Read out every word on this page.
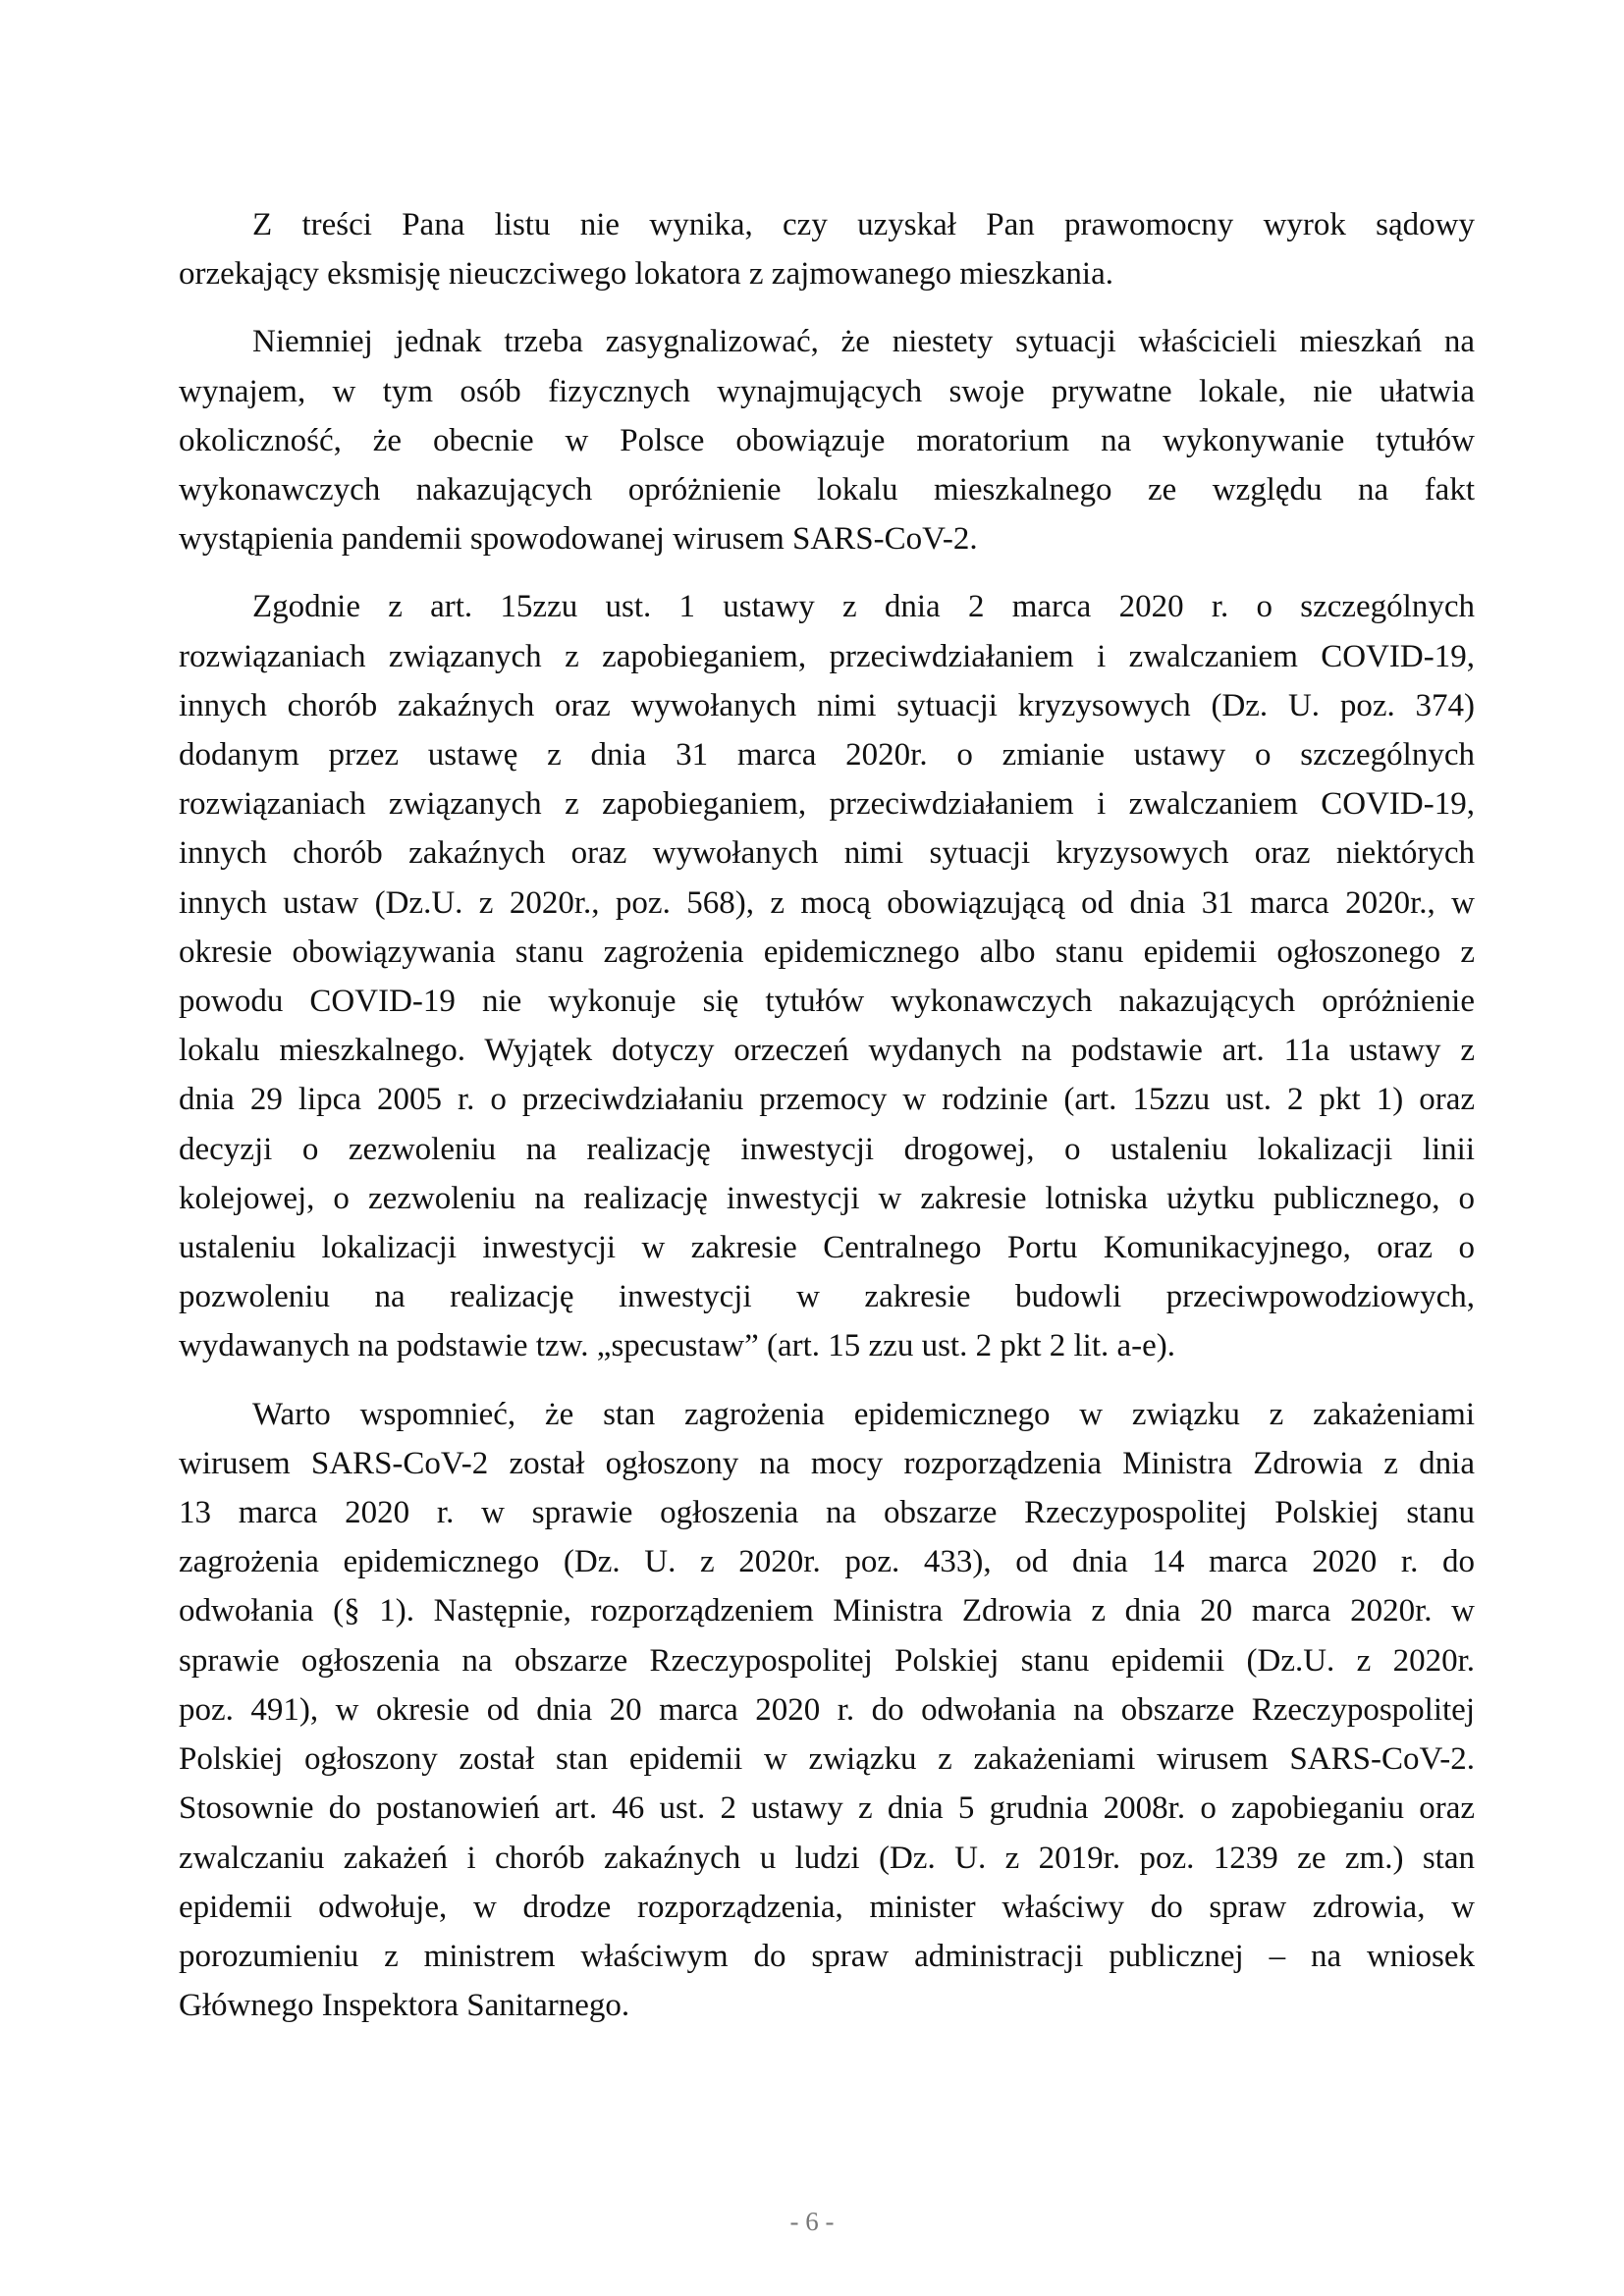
Z treści Pana listu nie wynika, czy uzyskał Pan prawomocny wyrok sądowy
orzekający eksmisję nieuczciwego lokatora z zajmowanego mieszkania.

Niemniej jednak trzeba zasygnalizować, że niestety sytuacji właścicieli mieszkań na
wynajem, w tym osób fizycznych wynajmujących swoje prywatne lokale, nie ułatwia
okoliczność, że obecnie w Polsce obowiązuje moratorium na wykonywanie tytułów
wykonawczych nakazujących opróżnienie lokalu mieszkalnego ze względu na fakt
wystąpienia pandemii spowodowanej wirusem SARS-CoV-2.

Zgodnie z art. 15zzu ust. 1 ustawy z dnia 2 marca 2020 r. o szczególnych
rozwiązaniach związanych z zapobieganiem, przeciwdziałaniem i zwalczaniem COVID-19,
innych chorób zakaźnych oraz wywołanych nimi sytuacji kryzysowych (Dz. U. poz. 374)
dodanym przez ustawę z dnia 31 marca 2020r. o zmianie ustawy o szczególnych
rozwiązaniach związanych z zapobieganiem, przeciwdziałaniem i zwalczaniem COVID-19,
innych chorób zakaźnych oraz wywołanych nimi sytuacji kryzysowych oraz niektórych
innych ustaw (Dz.U. z 2020r., poz. 568), z mocą obowiązującą od dnia 31 marca 2020r., w
okresie obowiązywania stanu zagrożenia epidemicznego albo stanu epidemii ogłoszonego z
powodu COVID-19 nie wykonuje się tytułów wykonawczych nakazujących opróżnienie
lokalu mieszkalnego. Wyjątek dotyczy orzeczeń wydanych na podstawie art. 11a ustawy z
dnia 29 lipca 2005 r. o przeciwdziałaniu przemocy w rodzinie (art. 15zzu ust. 2 pkt 1) oraz
decyzji o zezwoleniu na realizację inwestycji drogowej, o ustaleniu lokalizacji linii
kolejowej, o zezwoleniu na realizację inwestycji w zakresie lotniska użytku publicznego, o
ustaleniu lokalizacji inwestycji w zakresie Centralnego Portu Komunikacyjnego, oraz o
pozwoleniu na realizację inwestycji w zakresie budowli przeciwpowodziowych,
wydawanych na podstawie tzw. „specustaw” (art. 15 zzu ust. 2 pkt 2 lit. a-e).

Warto wspomnieć, że stan zagrożenia epidemicznego w związku z zakażeniami
wirusem SARS-CoV-2 został ogłoszony na mocy rozporządzenia Ministra Zdrowia z dnia
13 marca 2020 r. w sprawie ogłoszenia na obszarze Rzeczypospolitej Polskiej stanu
zagrożenia epidemicznego (Dz. U. z 2020r. poz. 433), od dnia 14 marca 2020 r. do
odwołania (§ 1). Następnie, rozporządzeniem Ministra Zdrowia z dnia 20 marca 2020r. w
sprawie ogłoszenia na obszarze Rzeczypospolitej Polskiej stanu epidemii (Dz.U. z 2020r.
poz. 491), w okresie od dnia 20 marca 2020 r. do odwołania na obszarze Rzeczypospolitej
Polskiej ogłoszony został stan epidemii w związku z zakażeniami wirusem SARS-CoV-2.
Stosownie do postanowień art. 46 ust. 2 ustawy z dnia 5 grudnia 2008r. o zapobieganiu oraz
zwalczaniu zakażeń i chorób zakaźnych u ludzi (Dz. U. z 2019r. poz. 1239 ze zm.) stan
epidemii odwołuje, w drodze rozporządzenia, minister właściwy do spraw zdrowia, w
porozumieniu z ministrem właściwym do spraw administracji publicznej – na wniosek
Głównego Inspektora Sanitarnego.

- 6 -
